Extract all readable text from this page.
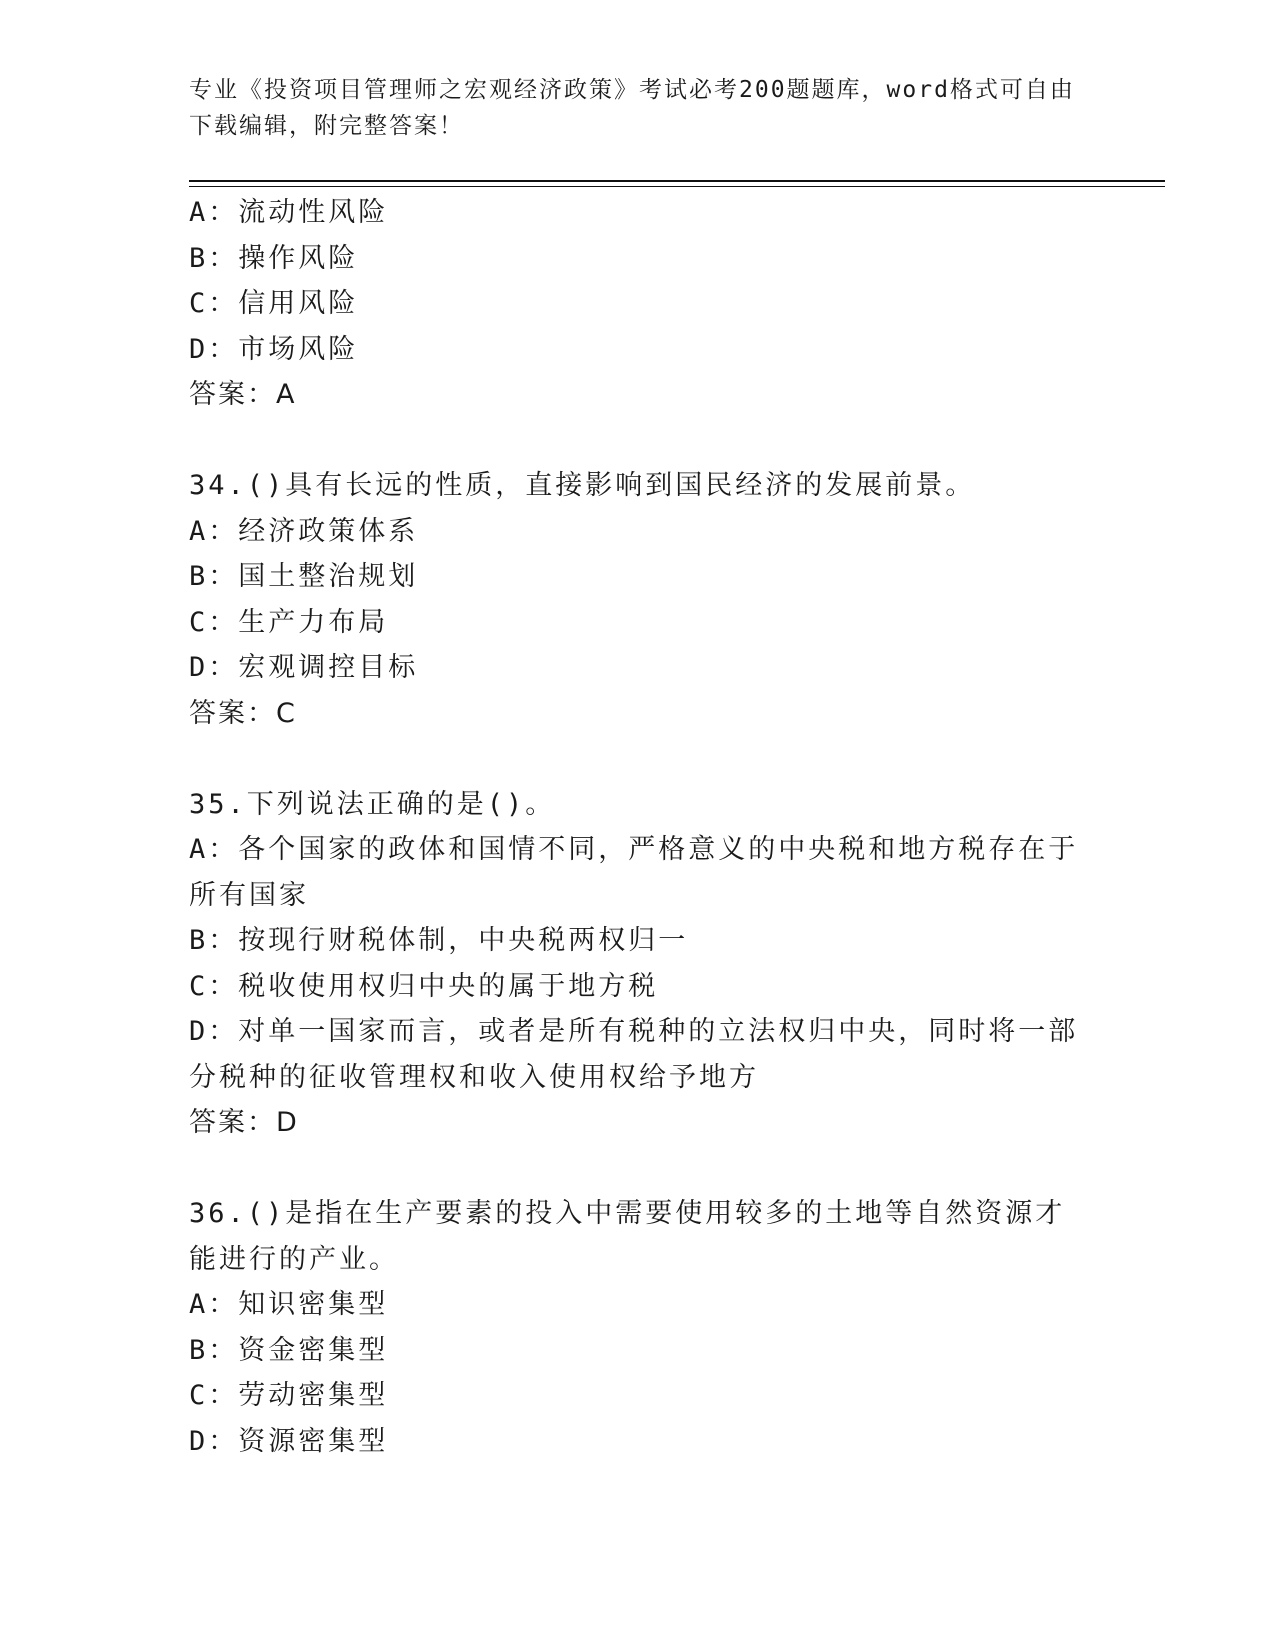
专业《投资项目管理师之宏观经济政策》考试必考200题题库，word格式可自由下载编辑，附完整答案！
A：流动性风险
B：操作风险
C：信用风险
D：市场风险
答案：A
34.()具有长远的性质，直接影响到国民经济的发展前景。
A：经济政策体系
B：国土整治规划
C：生产力布局
D：宏观调控目标
答案：C
35.下列说法正确的是()。
A：各个国家的政体和国情不同，严格意义的中央税和地方税存在于所有国家
B：按现行财税体制，中央税两权归一
C：税收使用权归中央的属于地方税
D：对单一国家而言，或者是所有税种的立法权归中央，同时将一部分税种的征收管理权和收入使用权给予地方
答案：D
36.()是指在生产要素的投入中需要使用较多的土地等自然资源才能进行的产业。
A：知识密集型
B：资金密集型
C：劳动密集型
D：资源密集型
